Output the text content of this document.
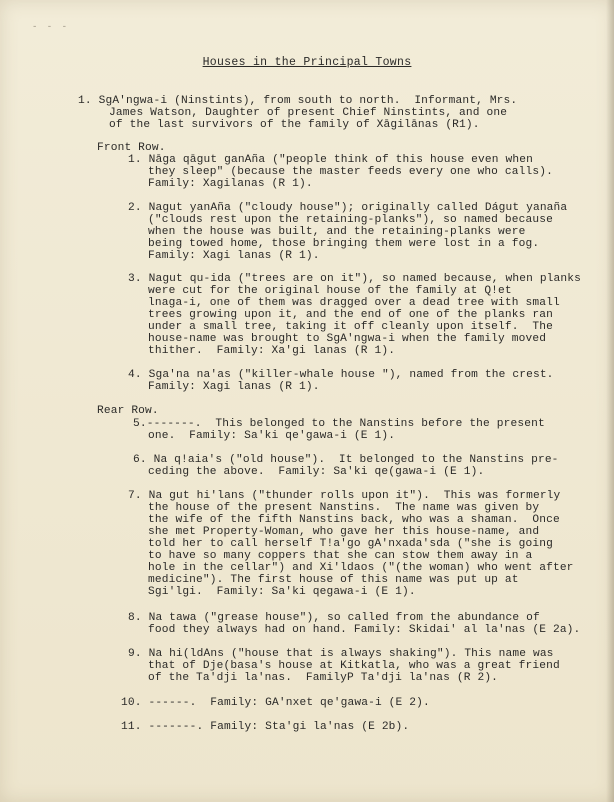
- - -
Houses in the Principal Towns
1. SgA'ngwa-i (Ninstints), from south to north.  Informant, Mrs.
James Watson, Daughter of present Chief Ninstints, and one
of the last survivors of the family of Xāgilānas (R1).
Front Row.
1. Nāga qāgut ganAña ("people think of this house even when
they sleep" (because the master feeds every one who calls).
Family: Xagilanas (R 1).
2. Nagut yanAña ("cloudy house"); originally called Dágut yanaña
("clouds rest upon the retaining-planks"), so named because
when the house was built, and the retaining-planks were
being towed home, those bringing them were lost in a fog.
Family: Xagi lanas (R 1).
3. Nagut qu-ida ("trees are on it"), so named because, when planks
were cut for the original house of the family at Q!et
lnaga-i, one of them was dragged over a dead tree with small
trees growing upon it, and the end of one of the planks ran
under a small tree, taking it off cleanly upon itself.  The
house-name was brought to SgA'ngwa-i when the family moved
thither.  Family: Xa'gi lanas (R 1).
4. Sga'na na'as ("killer-whale house "), named from the crest.
Family: Xagi lanas (R 1).
Rear Row.
5.-------.  This belonged to the Nanstins before the present
one.  Family: Sa'ki qe'gawa-i (E 1).
6. Na q!aia's ("old house").  It belonged to the Nanstins pre-
ceding the above.  Family: Sa'ki qe(gawa-i (E 1).
7. Na gut hi'lans ("thunder rolls upon it").  This was formerly
the house of the present Nanstins.  The name was given by
the wife of the fifth Nanstins back, who was a shaman.  Once
she met Property-Woman, who gave her this house-name, and
told her to call herself T!a'go gA'nxada'sda ("she is going
to have so many coppers that she can stow them away in a
hole in the cellar") and Xi'ldaos ("(the woman) who went after
medicine"). The first house of this name was put up at
Sgi'lgi.  Family: Sa'ki qegawa-i (E 1).
8. Na tawa ("grease house"), so called from the abundance of
food they always had on hand. Family: Skidai' al la'nas (E 2a).
9. Na hi(ldAns ("house that is always shaking"). This name was
that of Dje(basa's house at Kitkatla, who was a great friend
of the Ta'dji la'nas.  FamilyP Ta'dji la'nas (R 2).
10. ------.  Family: GA'nxet qe'gawa-i (E 2).
11. -------. Family: Sta'gi la'nas (E 2b).
